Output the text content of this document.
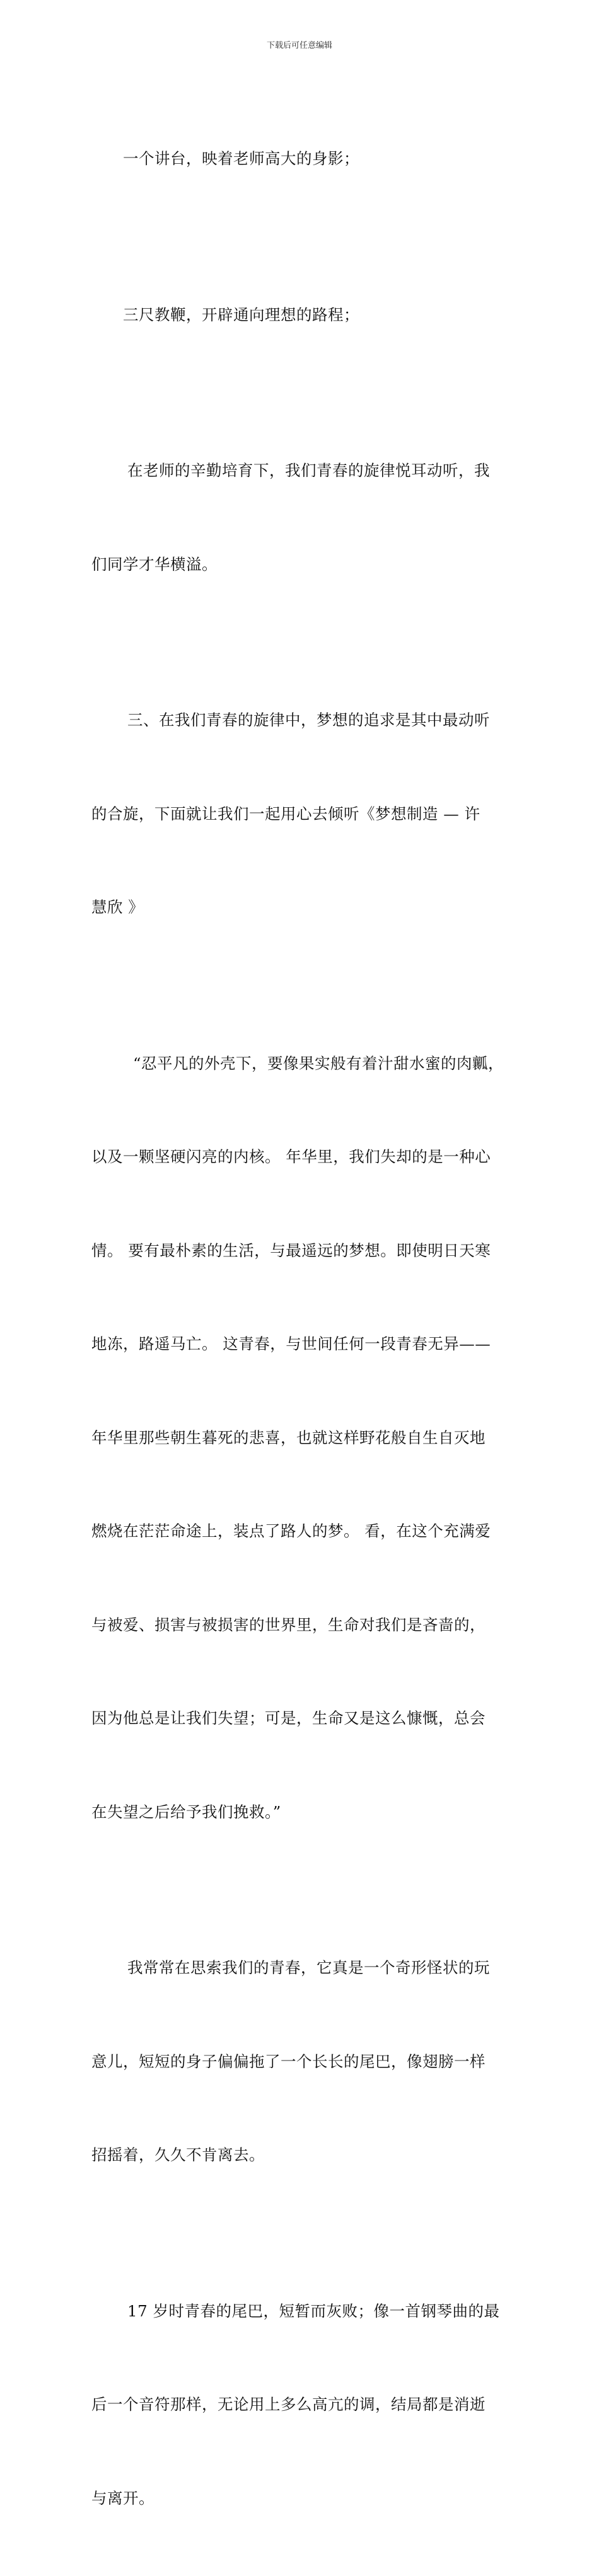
下载后可任意编辑

一个讲台，映着老师高大的身影；

三尺教鞭，开辟通向理想的路程；

在老师的辛勤培育下，我们青春的旋律悦耳动听，我

们同学才华横溢。

三、在我们青春的旋律中，梦想的追求是其中最动听

的合旋，下面就让我们一起用心去倾听《梦想制造 — 许

慧欣 》

“忍平凡的外壳下，要像果实般有着汁甜水蜜的肉瓤，

以及一颗坚硬闪亮的内核。 年华里，我们失却的是一种心

情。 要有最朴素的生活，与最遥远的梦想。即使明日天寒

地冻，路遥马亡。 这青春，与世间任何一段青春无异——

年华里那些朝生暮死的悲喜，也就这样野花般自生自灭地

燃烧在茫茫命途上，装点了路人的梦。 看，在这个充满爱

与被爱、损害与被损害的世界里，生命对我们是吝啬的，

因为他总是让我们失望；可是，生命又是这么慷慨，总会

在失望之后给予我们挽救。”

我常常在思索我们的青春，它真是一个奇形怪状的玩

意儿，短短的身子偏偏拖了一个长长的尾巴，像翅膀一样

招摇着，久久不肯离去。

17 岁时青春的尾巴，短暂而灰败；像一首钢琴曲的最

后一个音符那样，无论用上多么高亢的调，结局都是消逝

与离开。
